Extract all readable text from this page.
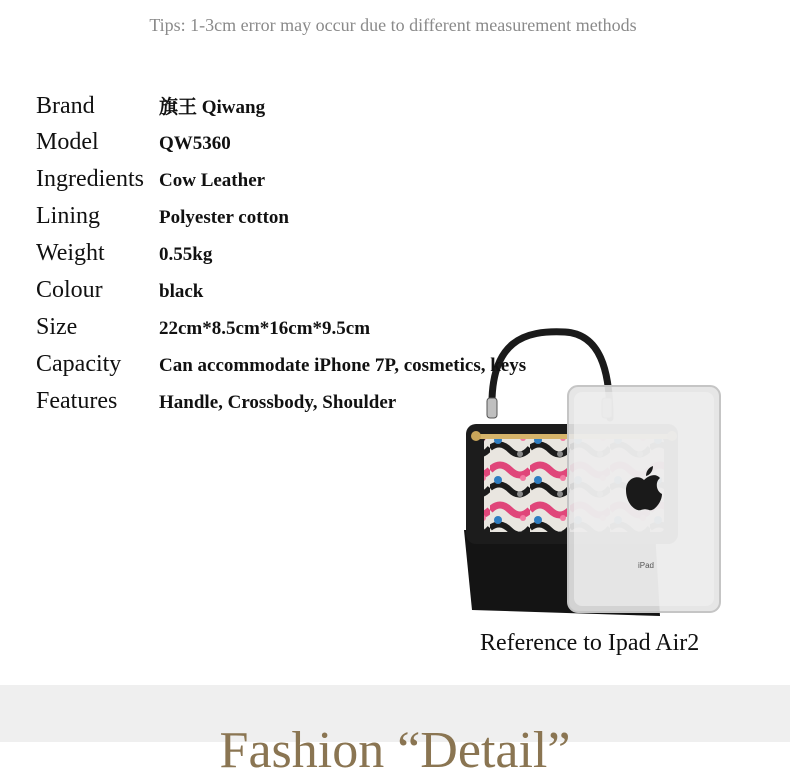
Tips: 1-3cm error may occur due to different measurement methods
Brand	旗王 Qiwang
Model	QW5360
Ingredients Cow Leather
Lining	Polyester cotton
Weight	0.55kg
Colour	black
Size	22cm*8.5cm*16cm*9.5cm
Capacity	Can accommodate iPhone 7P, cosmetics, keys
Features	Handle, Crossbody, Shoulder
iPad
Reference to Ipad Air2
Fashion “Detail”
